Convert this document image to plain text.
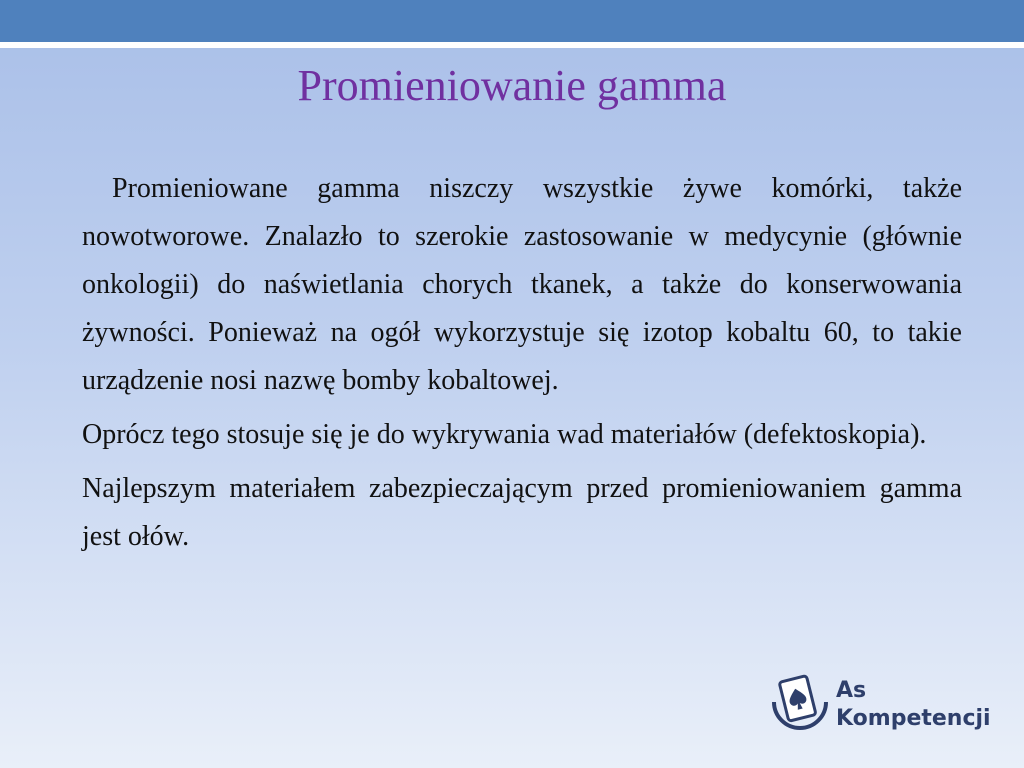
Promieniowanie gamma

Promieniowane gamma niszczy wszystkie żywe komórki, także nowotworowe. Znalazło to szerokie zastosowanie w medycynie (głównie onkologii) do naświetlania chorych tkanek, a także do konserwowania żywności. Ponieważ na ogół wykorzystuje się izotop kobaltu 60, to takie urządzenie nosi nazwę bomby kobaltowej.

Oprócz tego stosuje się je do wykrywania wad materiałów (defektoskopia).

Najlepszym materiałem zabezpieczającym przed promieniowaniem gamma jest ołów.

As
Kompetencji
